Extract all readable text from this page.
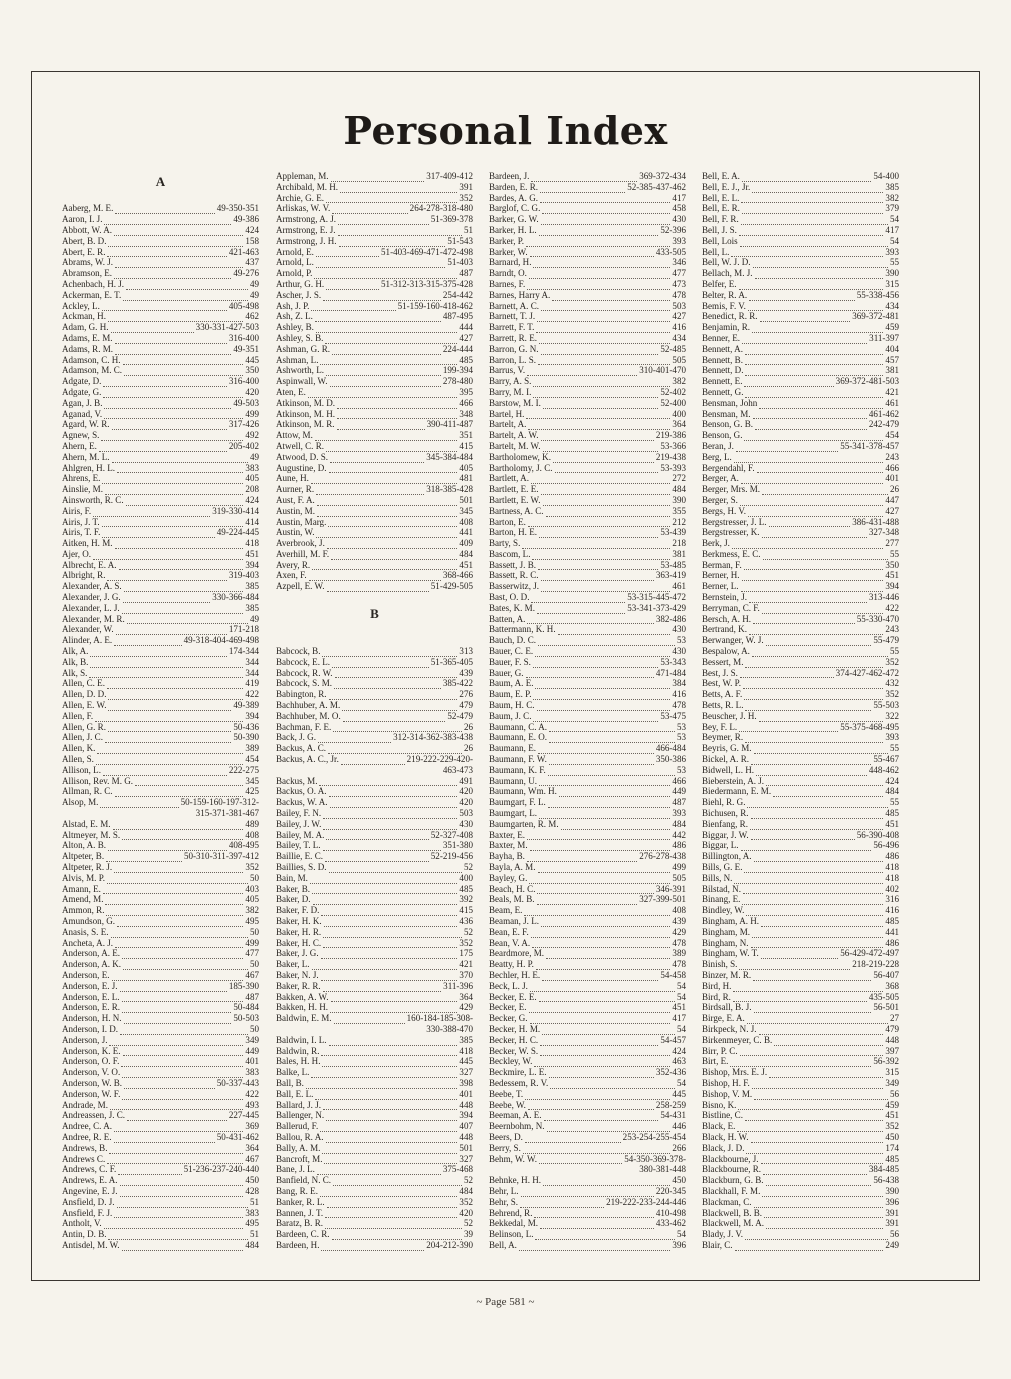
Personal Index
A
Aaberg, M. E.	49-350-351
Aaron, I. J.	49-386
Abbott, W. A.	424
Abert, B. D.	158
Abert, E. R.	421-463
Abrams, W. J.	437
Abramson, E.	49-276
Achenbach, H. J.	49
Ackerman, E. T.	49
Ackley, L.	405-498
Ackman, H.	462
Adam, G. H.	330-331-427-503
Adams, E. M.	316-400
Adams, R. M.	49-351
Adamson, C. H.	445
Adamson, M. C.	350
Adgate, D.	316-400
Adgate, G.	420
Agan, J. B.	49-503
Aganad, V.	499
Agard, W. R.	317-426
Agnew, S.	492
Ahern, E.	205-402
Ahern, M. L.	49
Ahlgren, H. L.	383
Ahrens, E.	405
Ainslie, M.	208
Ainsworth, R. C.	424
Airis, F.	319-330-414
Airis, J. T.	414
Airis, T. F.	49-224-445
Aitken, H. M.	418
Ajer, O.	451
Albrecht, E. A.	394
Albright, R.	319-403
Alexander, A. S.	385
Alexander, J. G.	330-366-484
Alexander, L. J.	385
Alexander, M. R.	49
Alexander, W.	171-218
Alinder, A. E.	49-318-404-469-498
Alk, A.	174-344
Alk, B.	344
Alk, S.	344
Allen, C. E.	419
Allen, D. D.	422
Allen, E. W.	49-389
Allen, F.	394
Allen, G. R.	50-436
Allen, J. C.	50-390
Allen, K.	389
Allen, S.	454
Allison, L.	222-275
Allison, Rev. M. G.	345
Allman, R. C.	425
Alsop, M.	50-159-160-197-312-
315-371-381-467
Alstad, E. M.	489
Altmeyer, M. S.	408
Alton, A. B.	408-495
Altpeter, B.	50-310-311-397-412
Altpeter, R. J.	352
Alvis, M. P.	50
Amann, E.	403
Amend, M.	405
Ammon, R.	382
Amundson, G.	495
Anasis, S. E.	50
Ancheta, A. J.	499
Anderson, A. E.	477
Anderson, A. K.	50
Anderson, E.	467
Anderson, E. J.	185-390
Anderson, E. L.	487
Anderson, E. R.	50-484
Anderson, H. N.	50-503
Anderson, I. D.	50
Anderson, J.	349
Anderson, K. E.	449
Anderson, O. F.	401
Anderson, V. O.	383
Anderson, W. B.	50-337-443
Anderson, W. F.	422
Andrade, M.	493
Andreassen, J. C.	227-445
Andree, C. A.	369
Andree, R. E.	50-431-462
Andrews, B.	364
Andrews C.	467
Andrews, C. F.	51-236-237-240-440
Andrews, E. A.	450
Angevine, E. J.	428
Ansfield, D. J.	51
Ansfield, F. J.	383
Antholt, V.	495
Antin, D. B.	51
Antisdel, M. W.	484
Appleman, M.	317-409-412
Archibald, M. H.	391
Archie, G. E.	352
Arliskas, W. V.	264-278-318-480
Armstrong, A. J.	51-369-378
Armstrong, E. J.	51
Armstrong, J. H.	51-543
Arnold, E.	51-403-469-471-472-498
Arnold, L.	51-403
Arnold, P.	487
Arthur, G. H.	51-312-313-315-375-428
Ascher, J. S.	254-442
Ash, J. P.	51-159-160-418-462
Ash, Z. L.	487-495
Ashley, B.	444
Ashley, S. B.	427
Ashman, G. R.	224-444
Ashman, L.	485
Ashworth, L.	199-394
Aspinwall, W.	278-480
Aten, E.	395
Atkinson, M. D.	466
Atkinson, M. H.	348
Atkinson, M. R.	390-411-487
Attow, M.	351
Atwell, C. R.	415
Atwood, D. S.	345-384-484
Augustine, D.	405
Aune, H.	481
Aurner, R.	318-385-428
Aust, F. A.	501
Austin, M.	345
Austin, Marg.	408
Austin, W.	441
Averbrook, J.	409
Averhill, M. F.	484
Avery, R.	451
Axen, F.	368-466
Azpell, E. W.	51-429-505
B
Babcock, B.	313
Babcock, E. L.	51-365-405
Babcock, R. W.	439
Babcock, S. M.	385-422
Babington, R.	276
Bachhuber, A. M.	479
Bachhuber, M. O.	52-479
Bachman, F. E.	26
Back, J. G.	312-314-362-383-438
Backus, A. C.	26
Backus, A. C., Jr.	219-222-229-420-
463-473
Backus, M.	491
Backus, O. A.	420
Backus, W. A.	420
Bailey, F. N.	503
Bailey, J. W.	430
Bailey, M. A.	52-327-408
Bailey, T. L.	351-380
Baillie, E. C.	52-219-456
Baillies, S. D.	52
Bain, M.	400
Baker, B.	485
Baker, D.	392
Baker, F. D.	415
Baker, H. K.	436
Baker, H. R.	52
Baker, H. C.	352
Baker, J. G.	175
Baker, L.	421
Baker, N. J.	370
Baker, R. R.	311-396
Bakken, A. W.	364
Bakken, H. H.	429
Baldwin, E. M.	160-184-185-308-
330-388-470
Baldwin, I. L.	385
Baldwin, R.	418
Bales, H. H.	445
Balke, L.	327
Ball, B.	398
Ball, E. L.	401
Ballard, J. J.	448
Ballenger, N.	394
Ballerud, F.	407
Ballou, R. A.	448
Bally, A. M.	501
Bancroft, M.	327
Bane, J. L.	375-468
Banfield, N. C.	52
Bang, R. E.	484
Banker, R. L.	352
Bannen, J. T.	420
Baratz, B. R.	52
Bardeen, C. R.	39
Bardeen, H.	204-212-390
Bardeen, J.	369-372-434
Barden, E. R.	52-385-437-462
Bardes, A. G.	417
Barglof, C. G.	458
Barker, G. W.	430
Barker, H. L.	52-396
Barker, P.	393
Barker, W.	433-505
Barnard, H.	346
Barndt, O.	477
Barnes, F.	473
Barnes, Harry A.	478
Barnett, A. C.	503
Barnett, T. J.	427
Barrett, F. T.	416
Barrett, R. E.	434
Barron, G. N.	52-485
Barron, L. S.	505
Barrus, V.	310-401-470
Barry, A. S.	382
Barry, M. I.	52-402
Barstow, M. I.	52-400
Bartel, H.	400
Bartelt, A.	364
Bartelt, A. W.	219-386
Bartelt, M. W.	53-366
Bartholomew, K.	219-438
Bartholomy, J. C.	53-393
Bartlett, A.	272
Bartlett, E. E.	484
Bartlett, E. W.	390
Bartness, A. C.	355
Barton, E.	212
Barton, H. E.	53-439
Barty, S.	218
Bascom, L.	381
Bassett, J. B.	53-485
Bassett, R. C.	363-419
Basserwitz, J.	461
Bast, O. D.	53-315-445-472
Bates, K. M.	53-341-373-429
Batten, A.	382-486
Battermann, K. H.	430
Bauch, D. C.	53
Bauer, C. E.	430
Bauer, F. S.	53-343
Bauer, G.	471-484
Baum, A. E.	384
Baum, E. P.	416
Baum, H. C.	478
Baum, J. C.	53-475
Baumann, C. A.	53
Baumann, E. O.	53
Baumann, E.	466-484
Baumann, F. W.	350-386
Baumann, K. F.	53
Baumann, U.	466
Baumann, Wm. H.	449
Baumgart, F. L.	487
Baumgart, L.	393
Baumgarten, R. M.	484
Baxter, E.	442
Baxter, M.	486
Bayha, B.	276-278-438
Bayla, A. M.	499
Bayley, G.	505
Beach, H. C.	346-391
Beals, M. B.	327-399-501
Beam, E.	408
Beaman, J. L.	439
Bean, E. F.	429
Bean, V. A.	478
Beardmore, M.	389
Beatty, H. P.	478
Bechler, H. E.	54-458
Beck, L. J.	54
Becker, E. E.	54
Becker, E.	451
Becker, G.	417
Becker, H. M.	54
Becker, H. C.	54-457
Becker, W. S.	424
Beckley, W.	463
Beckmire, L. E.	352-436
Bedessem, R. V.	54
Beebe, T.	445
Beebe, W.	258-259
Beeman, A. E.	54-431
Beernbohm, N.	446
Beers, D.	253-254-255-454
Berry, S.	266
Behm, W. W.	54-350-369-378-
380-381-448
Behnke, H. H.	450
Behr, L.	220-345
Behr, S.	219-222-233-244-446
Behrend, R.	410-498
Bekkedal, M.	433-462
Belinson, L.	54
Bell, A.	396
Bell, E. A.	54-400
Bell, E. J., Jr.	385
Bell, E. L.	382
Bell, E. R.	379
Bell, F. R.	54
Bell, J. S.	417
Bell, Lois	54
Bell, L.	393
Bell, W. J. D.	55
Bellach, M. J.	390
Belfer, E.	315
Belter, R. A.	55-338-456
Bemis, F. V.	434
Benedict, R. R.	369-372-481
Benjamin, R.	459
Benner, E.	311-397
Bennett, A.	404
Bennett, B.	457
Bennett, D.	381
Bennett, E.	369-372-481-503
Bennett, G.	421
Bensman, John	461
Bensman, M.	461-462
Benson, G. B.	242-479
Benson, G.	454
Beran, J.	55-341-378-457
Berg, L.	243
Bergendahl, F.	466
Berger, A.	401
Berger, Mrs. M.	26
Berger, S.	447
Bergs, H. V.	427
Bergstresser, J. L.	386-431-488
Bergstresser, K.	327-348
Berk, J.	277
Berkmess, E. C.	55
Berman, F.	350
Berner, H.	451
Berner, L.	394
Bernstein, J.	313-446
Berryman, C. F.	422
Bersch, A. H.	55-330-470
Bertrand, K.	243
Berwanger, W. J.	55-479
Bespalow, A.	55
Bessert, M.	352
Best, J. S.	374-427-462-472
Best, W. P.	432
Betts, A. F.	352
Betts, R. L.	55-503
Beuscher, J. H.	322
Bey, F. L.	55-375-468-495
Beymer, R.	393
Beyris, G. M.	55
Bickel, A. R.	55-467
Bidwell, L. H.	448-462
Bieberstein, A. J.	424
Biedermann, E. M.	484
Biehl, R. G.	55
Bichusen, R.	485
Bienfang, R.	451
Biggar, J. W.	56-390-408
Biggar, L.	56-496
Billington, A.	486
Bills, G. E.	418
Bills, N.	418
Bilstad, N.	402
Binang, E.	316
Bindley, W.	416
Bingham, A. H.	485
Bingham, M.	441
Bingham, N.	486
Bingham, W. T.	56-429-472-497
Binish, S.	218-219-228
Binzer, M. R.	56-407
Bird, H.	368
Bird, R.	435-505
Birdsall, B. J.	56-501
Birge, E. A.	27
Birkpeck, N. J.	479
Birkenmeyer, C. B.	448
Birr, P. C.	397
Birt, E.	56-392
Bishop, Mrs. E. J.	315
Bishop, H. F.	349
Bishop, V. M.	56
Bisno, K.	459
Bistline, C.	451
Black, E.	352
Black, H. W.	450
Black, J. D.	174
Blackbourne, J.	485
Blackbourne, R.	384-485
Blackburn, G. B.	56-438
Blackhall, F. M.	390
Blackman, C.	396
Blackwell, B. B.	391
Blackwell, M. A.	391
Blady, J. V.	56
Blair, C.	249
~ Page 581 ~
